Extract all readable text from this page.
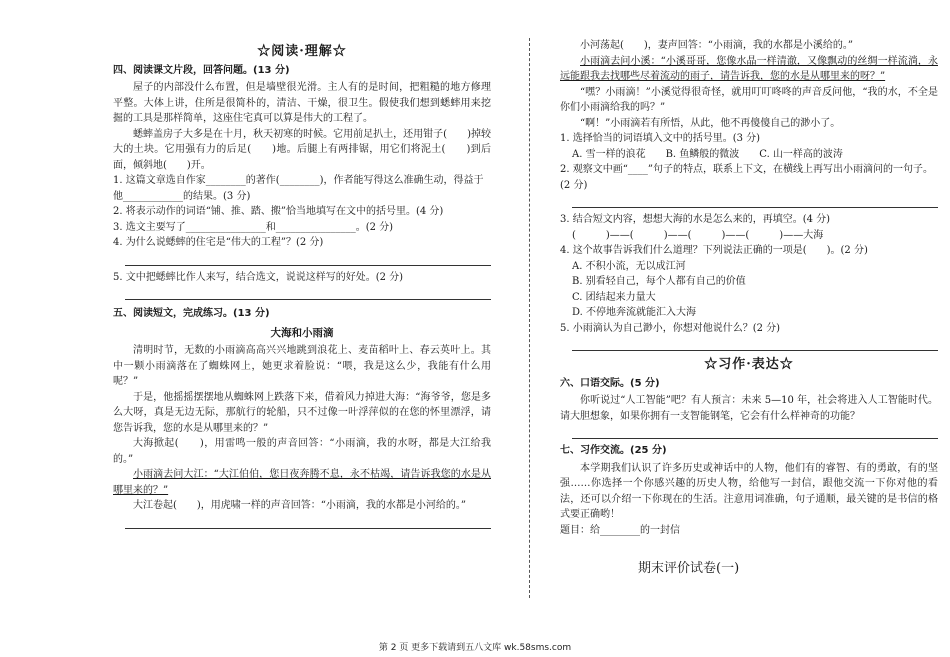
☆阅读·理解☆
四、阅读课文片段，回答问题。(13 分)

屋子的内部没什么布置，但是墙壁很光滑。主人有的是时间，把粗糙的地方修理平整。大体上讲，住所是很简朴的，清洁、干燥，很卫生。假使我们想到蟋蟀用来挖掘的工具是那样简单，这座住宅真可以算是伟大的工程了。

蟋蟀盖房子大多是在十月，秋天初寒的时候。它用前足扒土，还用钳子(　　)掉较大的土块。它用强有力的后足(　　)地。后腿上有两排锯，用它们将泥土(　　)到后面，倾斜地(　　)开。

1. 这篇文章选自作家________的著作(________)，作者能写得这么准确生动，得益于他____________的结果。(3 分)

2. 将表示动作的词语“铺、推、踏、搬”恰当地填写在文中的括号里。(4 分)

3. 选文主要写了________________和________________。(2 分)

4. 为什么说蟋蟀的住宅是“伟大的工程”？(2 分)

5. 文中把蟋蟀比作人来写，结合选文，说说这样写的好处。(2 分)

五、阅读短文，完成练习。(13 分)
大海和小雨滴

清明时节，无数的小雨滴高高兴兴地跳到浪花上、麦苗稻叶上、春云英叶上。其中一颗小雨滴落在了蜘蛛网上，她更求着脸说：“喂，我是这么少，我能有什么用呢？”

于是，他摇摇摆摆地从蜘蛛网上跌落下来，借着风力掉进大海：“海爷爷，您是多么大呀，真是无边无际，那航行的轮船，只不过像一叶浮萍似的在您的怀里漂浮，请您告诉我，您的水是从哪里来的？”

大海掀起(　　)，用雷鸣一般的声音回答：“小雨滴，我的水呀，都是大江给我的。”

小雨滴去问大江：“大江伯伯，您日夜奔腾不息，永不枯竭，请告诉我您的水是从哪里来的？”

大江卷起(　　)，用虎啸一样的声音回答：“小雨滴，我的水都是小河给的。”

小河荡起(　　)，妻声回答：“小雨滴，我的水都是小溪给的。”

小雨滴去问小溪：“小溪哥哥，您像水晶一样清澈，又像飘动的丝绸一样流淌，永远能跟我去找哪些尽着流动的雨子，请告诉我，您的水是从哪里来的呀？”

“嘿？小雨滴！”小溪觉得很奇怪，就用叮叮咚咚的声音反问他，“我的水，不全是你们小雨滴给我的吗？”

“啊！”小雨滴若有所悟，从此，他不再傻傻自己的渺小了。

1. 选择恰当的词语填入文中的括号里。(3 分)

A. 雪一样的浪花　　B. 鱼鳞般的微波　　C. 山一样高的波涛

2. 观察文中画“____”句子的特点，联系上下文，在横线上再写出小雨滴问的一句子。(2 分)

3. 结合短文内容，想想大海的水是怎么来的，再填空。(4 分)

(　　　)——(　　　)——(　　　)——(　　　)——大海

4. 这个故事告诉我们什么道理？下列说法正确的一项是(　　)。(2 分)

A. 不积小流，无以成江河

B. 别看轻自己，每个人都有自己的价值

C. 团结起来力量大

D. 不停地奔流就能汇入大海

5. 小雨滴认为自己渺小，你想对他说什么？(2 分)

☆习作·表达☆
六、口语交际。(5 分)

你听说过“人工智能”吧？有人预言：未来 5—10 年，社会将进入人工智能时代。请大胆想象，如果你拥有一支智能钢笔，它会有什么样神奇的功能？

七、习作交流。(25 分)

本学期我们认识了许多历史或神话中的人物，他们有的睿智、有的勇敢，有的坚强……你选择一个你感兴趣的历史人物，给他写一封信，跟他交流一下你对他的看法，还可以介绍一下你现在的生活。注意用词准确，句子通顺，最关键的是书信的格式要正确哟！

题目：给________的一封信

期末评价试卷(一)
第 2 页 更多下载请到五八文库 wk.58sms.com
